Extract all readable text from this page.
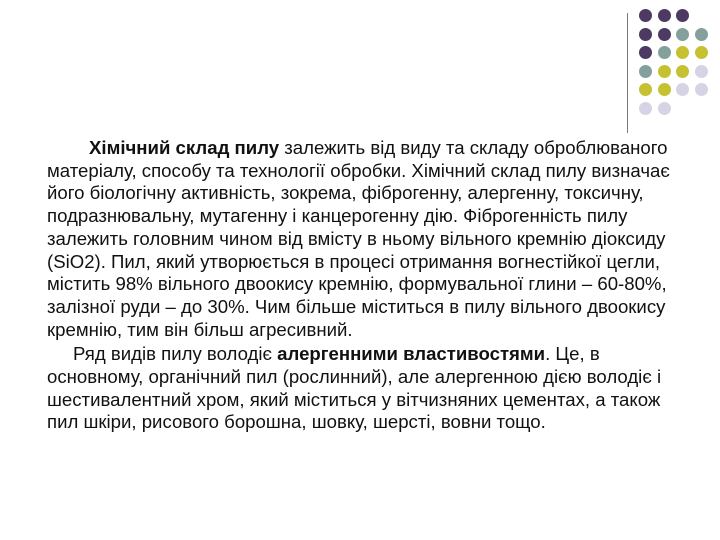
Хімічний склад пилу залежить від виду та складу оброблюваного матеріалу, способу та технології обробки. Хімічний склад пилу визначає його біологічну активність, зокрема, фіброгенну, алергенну, токсичну, подразнювальну, мутагенну і канцерогенну дію. Фіброгенність пилу залежить головним чином від вмісту в ньому вільного кремнію діоксиду (SiO2). Пил, який утворюється в процесі отримання вогнестійкої цегли, містить 98% вільного двоокису кремнію, формувальної глини – 60-80%, залізної руди – до 30%. Чим більше міститься в пилу вільного двоокису кремнію, тим він більш агресивний.

Ряд видів пилу володіє алергенними властивостями. Це, в основному, органічний пил (рослинний), але алергенною дією володіє і шестивалентний хром, який міститься у вітчизняних цементах, а також пил шкіри, рисового борошна, шовку, шерсті, вовни тощо.
